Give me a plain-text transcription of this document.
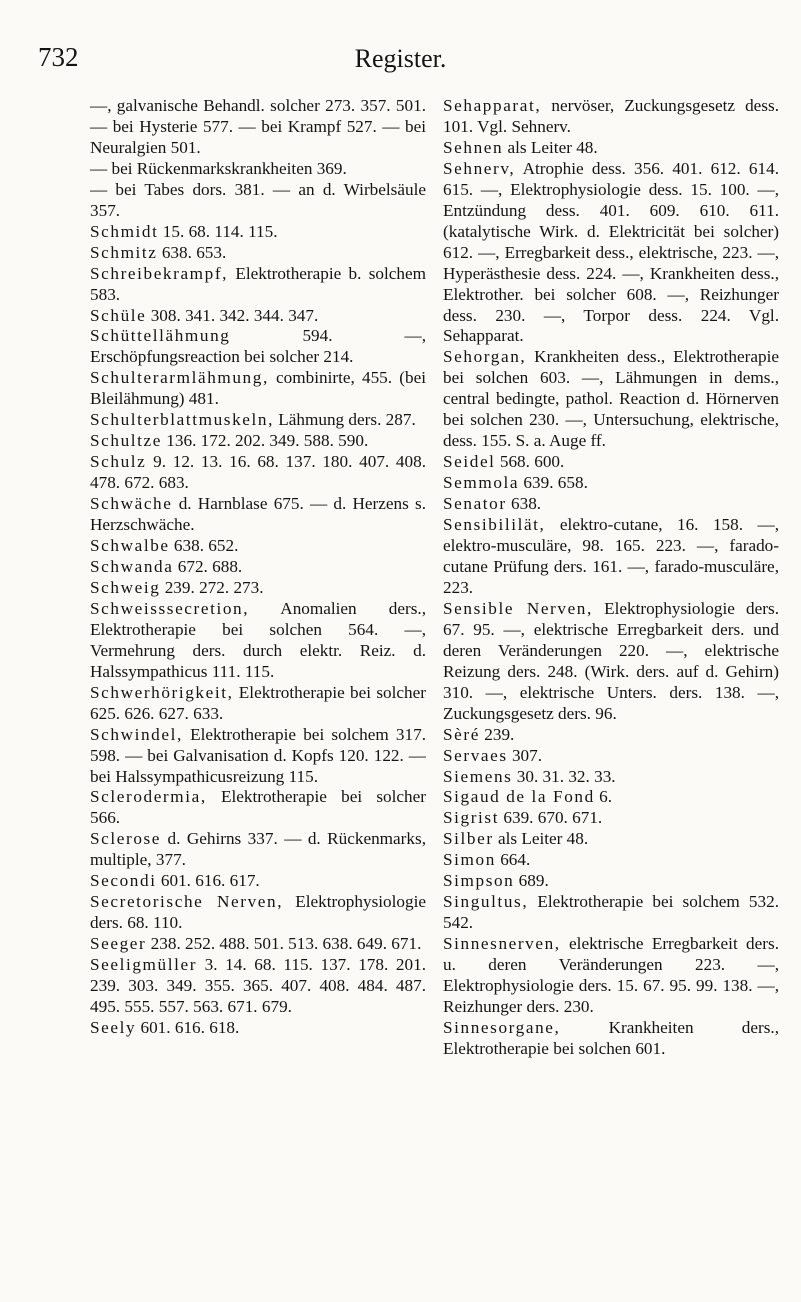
732	Register.
—, galvanische Behandl. solcher 273. 357. 501. — bei Hysterie 577. — bei Krampf 527. — bei Neuralgien 501.
— bei Rückenmarkskrankheiten 369.
— bei Tabes dors. 381. — an d. Wirbelsäule 357.
Schmidt 15. 68. 114. 115.
Schmitz 638. 653.
Schreibekrampf, Elektrotherapie b. solchem 583.
Schüle 308. 341. 342. 344. 347.
Schüttellähmung 594. —, Erschöpfungsreaction bei solcher 214.
Schulterarmlähmung, combinirte, 455. (bei Bleilähmung) 481.
Schulterblattmuskeln, Lähmung ders. 287.
Schultze 136. 172. 202. 349. 588. 590.
Schulz 9. 12. 13. 16. 68. 137. 180. 407. 408. 478. 672. 683.
Schwäche d. Harnblase 675. — d. Herzens s. Herzschwäche.
Schwalbe 638. 652.
Schwanda 672. 688.
Schweig 239. 272. 273.
Schweisssecretion, Anomalien ders., Elektrotherapie bei solchen 564. —, Vermehrung ders. durch elektr. Reiz. d. Halssympathicus 111. 115.
Schwerhörigkeit, Elektrotherapie bei solcher 625. 626. 627. 633.
Schwindel, Elektrotherapie bei solchem 317. 598. — bei Galvanisation d. Kopfs 120. 122. — bei Halssympathicusreizung 115.
Sclerodermia, Elektrotherapie bei solcher 566.
Sclerose d. Gehirns 337. — d. Rückenmarks, multiple, 377.
Secondi 601. 616. 617.
Secretorische Nerven, Elektrophysiologie ders. 68. 110.
Seeger 238. 252. 488. 501. 513. 638. 649. 671.
Seeligmüller 3. 14. 68. 115. 137. 178. 201. 239. 303. 349. 355. 365. 407. 408. 484. 487. 495. 555. 557. 563. 671. 679.
Seely 601. 616. 618.
Sehapparat, nervöser, Zuckungsgesetz dess. 101. Vgl. Sehnerv.
Sehnen als Leiter 48.
Sehnerv, Atrophie dess. 356. 401. 612. 614. 615. —, Elektrophysiologie dess. 15. 100. —, Entzündung dess. 401. 609. 610. 611. (katalytische Wirk. d. Elektricität bei solcher) 612. —, Erregbarkeit dess., elektrische, 223. —, Hyperästhesie dess. 224. —, Krankheiten dess., Elektrother. bei solcher 608. —, Reizhunger dess. 230. —, Torpor dess. 224. Vgl. Sehapparat.
Sehorgan, Krankheiten dess., Elektrotherapie bei solchen 603. —, Lähmungen in dems., central bedingte, pathol. Reaction d. Hörnerven bei solchen 230. —, Untersuchung, elektrische, dess. 155. S. a. Auge ff.
Seidel 568. 600.
Semmola 639. 658.
Senator 638.
Sensibililät, elektro-cutane, 16. 158. —, elektro-musculäre, 98. 165. 223. —, farado-cutane Prüfung ders. 161. —, farado-musculäre, 223.
Sensible Nerven, Elektrophysiologie ders. 67. 95. —, elektrische Erregbarkeit ders. und deren Veränderungen 220. —, elektrische Reizung ders. 248. (Wirk. ders. auf d. Gehirn) 310. —, elektrische Unters. ders. 138. —, Zuckungsgesetz ders. 96.
Sèré 239.
Servaes 307.
Siemens 30. 31. 32. 33.
Sigaud de la Fond 6.
Sigrist 639. 670. 671.
Silber als Leiter 48.
Simon 664.
Simpson 689.
Singultus, Elektrotherapie bei solchem 532. 542.
Sinnesnerven, elektrische Erregbarkeit ders. u. deren Veränderungen 223. —, Elektrophysiologie ders. 15. 67. 95. 99. 138. —, Reizhunger ders. 230.
Sinnesorgane, Krankheiten ders., Elektrotherapie bei solchen 601.
